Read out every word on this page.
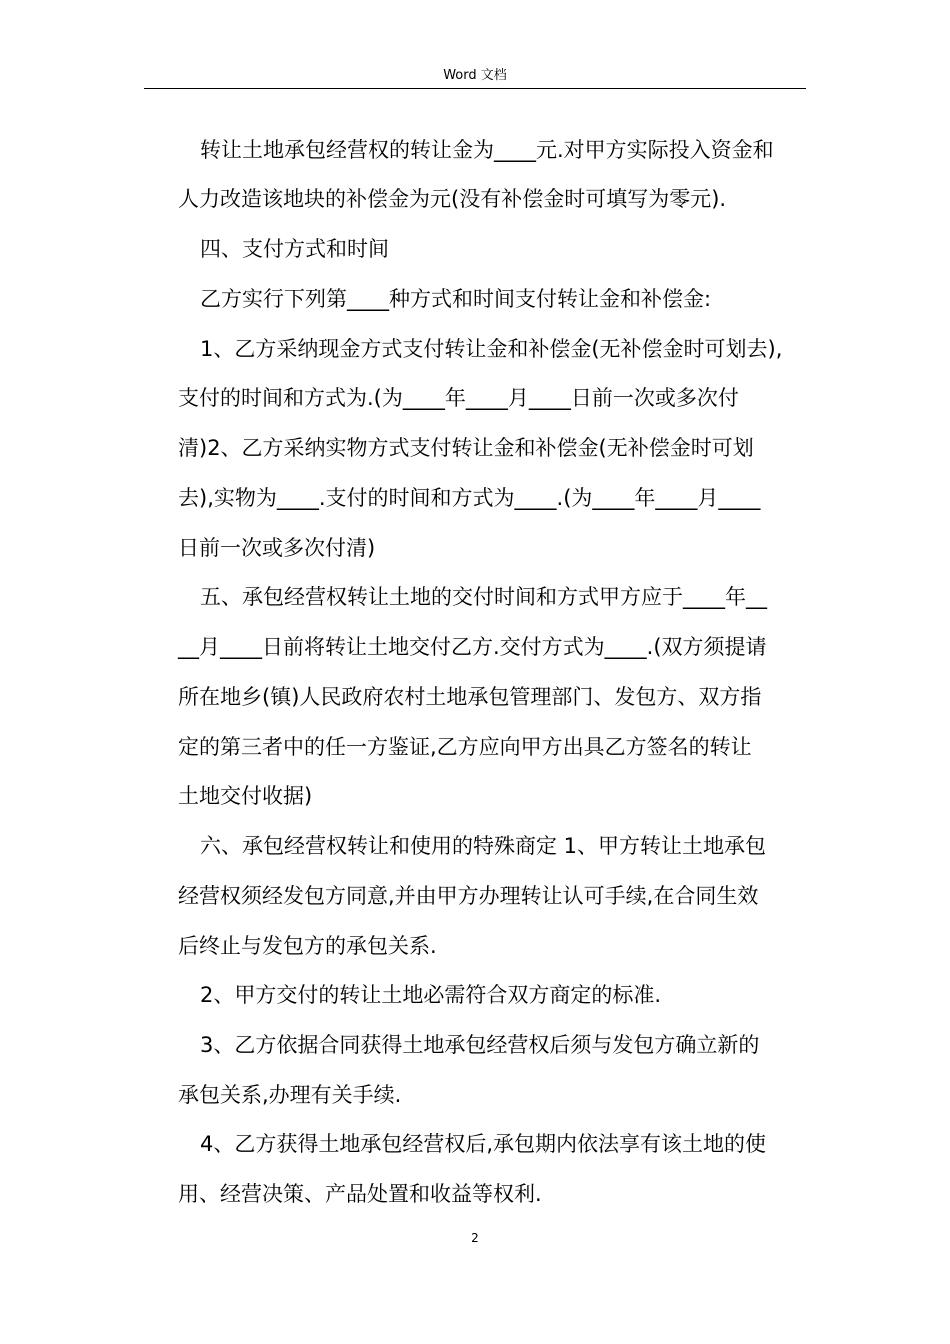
Word 文档
转让土地承包经营权的转让金为____元.对甲方实际投入资金和
人力改造该地块的补偿金为元(没有补偿金时可填写为零元).
四、支付方式和时间
乙方实行下列第____种方式和时间支付转让金和补偿金:
1、乙方采纳现金方式支付转让金和补偿金(无补偿金时可划去),
支付的时间和方式为.(为____年____月____日前一次或多次付
清)2、乙方采纳实物方式支付转让金和补偿金(无补偿金时可划
去),实物为____.支付的时间和方式为____.(为____年____月____
日前一次或多次付清)
五、承包经营权转让土地的交付时间和方式甲方应于____年__
__月____日前将转让土地交付乙方.交付方式为____.(双方须提请
所在地乡(镇)人民政府农村土地承包管理部门、发包方、双方指
定的第三者中的任一方鉴证,乙方应向甲方出具乙方签名的转让
土地交付收据)
六、承包经营权转让和使用的特殊商定 1、甲方转让土地承包
经营权须经发包方同意,并由甲方办理转让认可手续,在合同生效
后终止与发包方的承包关系.
2、甲方交付的转让土地必需符合双方商定的标准.
3、乙方依据合同获得土地承包经营权后须与发包方确立新的
承包关系,办理有关手续.
4、乙方获得土地承包经营权后,承包期内依法享有该土地的使
用、经营决策、产品处置和收益等权利.
2
